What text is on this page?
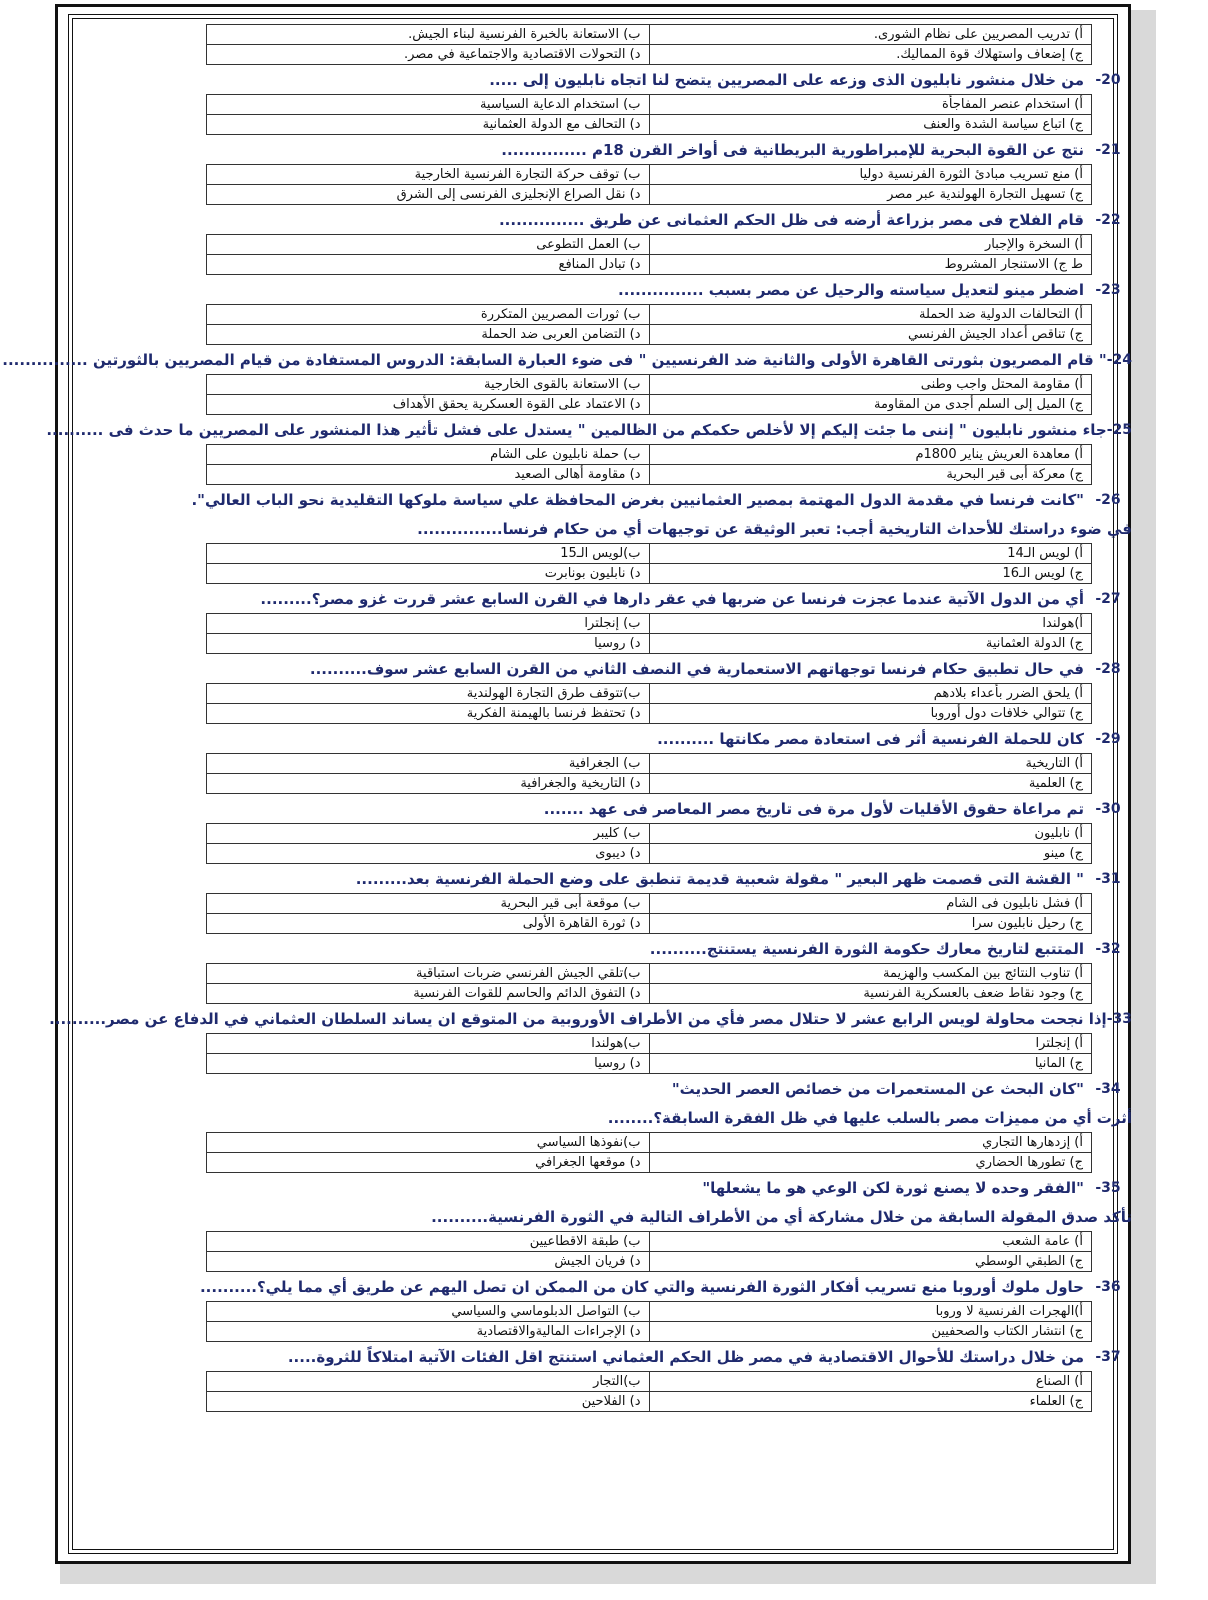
أ) تدريب المصريين على نظام الشورى.	ب) الاستعانة بالخبرة الفرنسية لبناء الجيش.
ج) إضعاف واستهلاك قوة المماليك.	د) التحولات الاقتصادية والاجتماعية في مصر.
20-
من خلال منشور نابليون الذى وزعه على المصريين يتضح لنا اتجاه نابليون إلى .....
أ) استخدام عنصر المفاجأة	ب) استخدام الدعاية السياسية
ج) اتباع سياسة الشدة والعنف	د) التحالف مع الدولة العثمانية
21-
نتج عن القوة البحرية للإمبراطورية البريطانية فى أواخر القرن 18م ...............
أ) منع تسريب مبادئ الثورة الفرنسية دوليا	ب) توقف حركة التجارة الفرنسية الخارجية
ج) تسهيل التجارة الهولندية عبر مصر	د) نقل الصراع الإنجليزى الفرنسى إلى الشرق
22-
قام الفلاح فى مصر بزراعة أرضه فى ظل الحكم العثمانى عن طريق ...............
أ) السخرة والإجبار	ب) العمل التطوعى
ط ج) الاستنجار المشروط	د) تبادل المنافع
23-
اضطر مينو لتعديل سياسته والرحيل عن مصر بسبب ...............
أ) التحالفات الدولية ضد الحملة	ب) ثورات المصريين المتكررة
ج) تناقص أعداد الجيش الفرنسي	د) التضامن العربى ضد الحملة
24-
" قام المصريون بثورتى القاهرة الأولى والثانية ضد الفرنسيين " فى ضوء العبارة السابقة: الدروس المستفادة من قيام المصريين بالثورتين ...............
أ) مقاومة المحتل واجب وطنى	ب) الاستعانة بالقوى الخارجية
ج) الميل إلى السلم أجدى من المقاومة	د) الاعتماد على القوة العسكرية يحقق الأهداف
25-
جاء منشور نابليون " إننى ما جئت إليكم إلا لأخلص حكمكم من الظالمين " يستدل على فشل تأثير هذا المنشور على المصريين ما حدث فى ..........
أ) معاهدة العريش يناير 1800م	ب) حملة نابليون على الشام
ج) معركة أبى قير البحرية	د) مقاومة أهالى الصعيد
26-
"كانت فرنسا في مقدمة الدول المهتمة بمصير العثمانيين بغرض المحافظة علي سياسة ملوكها التقليدية نحو الباب العالي".
في ضوء دراستك للأحداث التاريخية أجب: تعبر الوثيقة عن توجيهات أي من حكام فرنسا...............
أ) لويس الـ14	ب)لويس الـ15
ج) لويس الـ16	د) نابليون بونابرت
27-
أي من الدول الآتية عندما عجزت فرنسا عن ضربها في عقر دارها في القرن السابع عشر قررت غزو مصر؟.........
أ)هولندا	ب) إنجلترا
ج) الدولة العثمانية	د) روسيا
28-
في حال تطبيق حكام فرنسا توجهاتهم الاستعمارية في النصف الثاني من القرن السابع عشر سوف..........
أ) يلحق الضرر بأعداء بلادهم	ب)تتوقف طرق التجارة الهولندية
ج) تتوالي خلافات دول أوروبا	د) تحتفظ فرنسا بالهيمنة الفكرية
29-
كان للحملة الفرنسية أثر فى استعادة مصر مكانتها ..........
أ) التاريخية	ب) الجغرافية
ج) العلمية	د) التاريخية والجغرافية
30-
تم مراعاة حقوق الأقليات لأول مرة فى تاريخ مصر المعاصر فى عهد .......
أ) نابليون	ب) كليبر
ج) مينو	د) ديبوى
31-
" القشة التى قصمت ظهر البعير " مقولة شعبية قديمة تنطبق على وضع الحملة الفرنسية بعد.........
أ) فشل نابليون فى الشام	ب) موقعة أبى قير البحرية
ج) رحيل نابليون سرا	د) ثورة القاهرة الأولى
32-
المتتبع لتاريخ معارك حكومة الثورة الفرنسية يستنتج..........
أ) تناوب النتائج بين المكسب والهزيمة	ب)تلقي الجيش الفرنسي ضربات استباقية
ج) وجود نقاط ضعف بالعسكرية الفرنسية	د) التفوق الدائم والحاسم للقوات الفرنسية
33-
إذا نجحت محاولة لويس الرابع عشر لا حتلال مصر فأي من الأطراف الأوروبية من المتوقع ان يساند السلطان العثماني في الدفاع عن مصر..........
أ) إنجلترا	ب)هولندا
ج) المانيا	د) روسيا
34-
"كان البحث عن المستعمرات من خصائص العصر الحديث"
أثرت أي من مميزات مصر بالسلب عليها في ظل الفقرة السابقة؟........
أ) إزدهارها التجاري	ب)نفوذها السياسي
ج) تطورها الحضاري	د) موقعها الجغرافي
35-
"الفقر وحده لا يصنع ثورة لكن الوعي هو ما يشعلها"
تأكد صدق المقولة السابقة من خلال مشاركة أي من الأطراف التالية في الثورة الفرنسية..........
أ) عامة الشعب	ب) طبقة الاقطاعيين
ج) الطبقي الوسطي	د) فريان الجيش
36-
حاول ملوك أوروبا منع تسريب أفكار الثورة الفرنسية والتي كان من الممكن ان تصل اليهم عن طريق أي مما يلي؟..........
أ)الهجرات الفرنسية لا وروبا	ب) التواصل الدبلوماسي والسياسي
ج) انتشار الكتاب والصحفيين	د) الإجراءات الماليةوالاقتصادية
37-
من خلال دراستك للأحوال الاقتصادية في مصر ظل الحكم العثماني استنتج اقل الفئات الآتية امتلاكاً للثروة.....
أ) الصناع	ب)التجار
ج) العلماء	د) الفلاحين
